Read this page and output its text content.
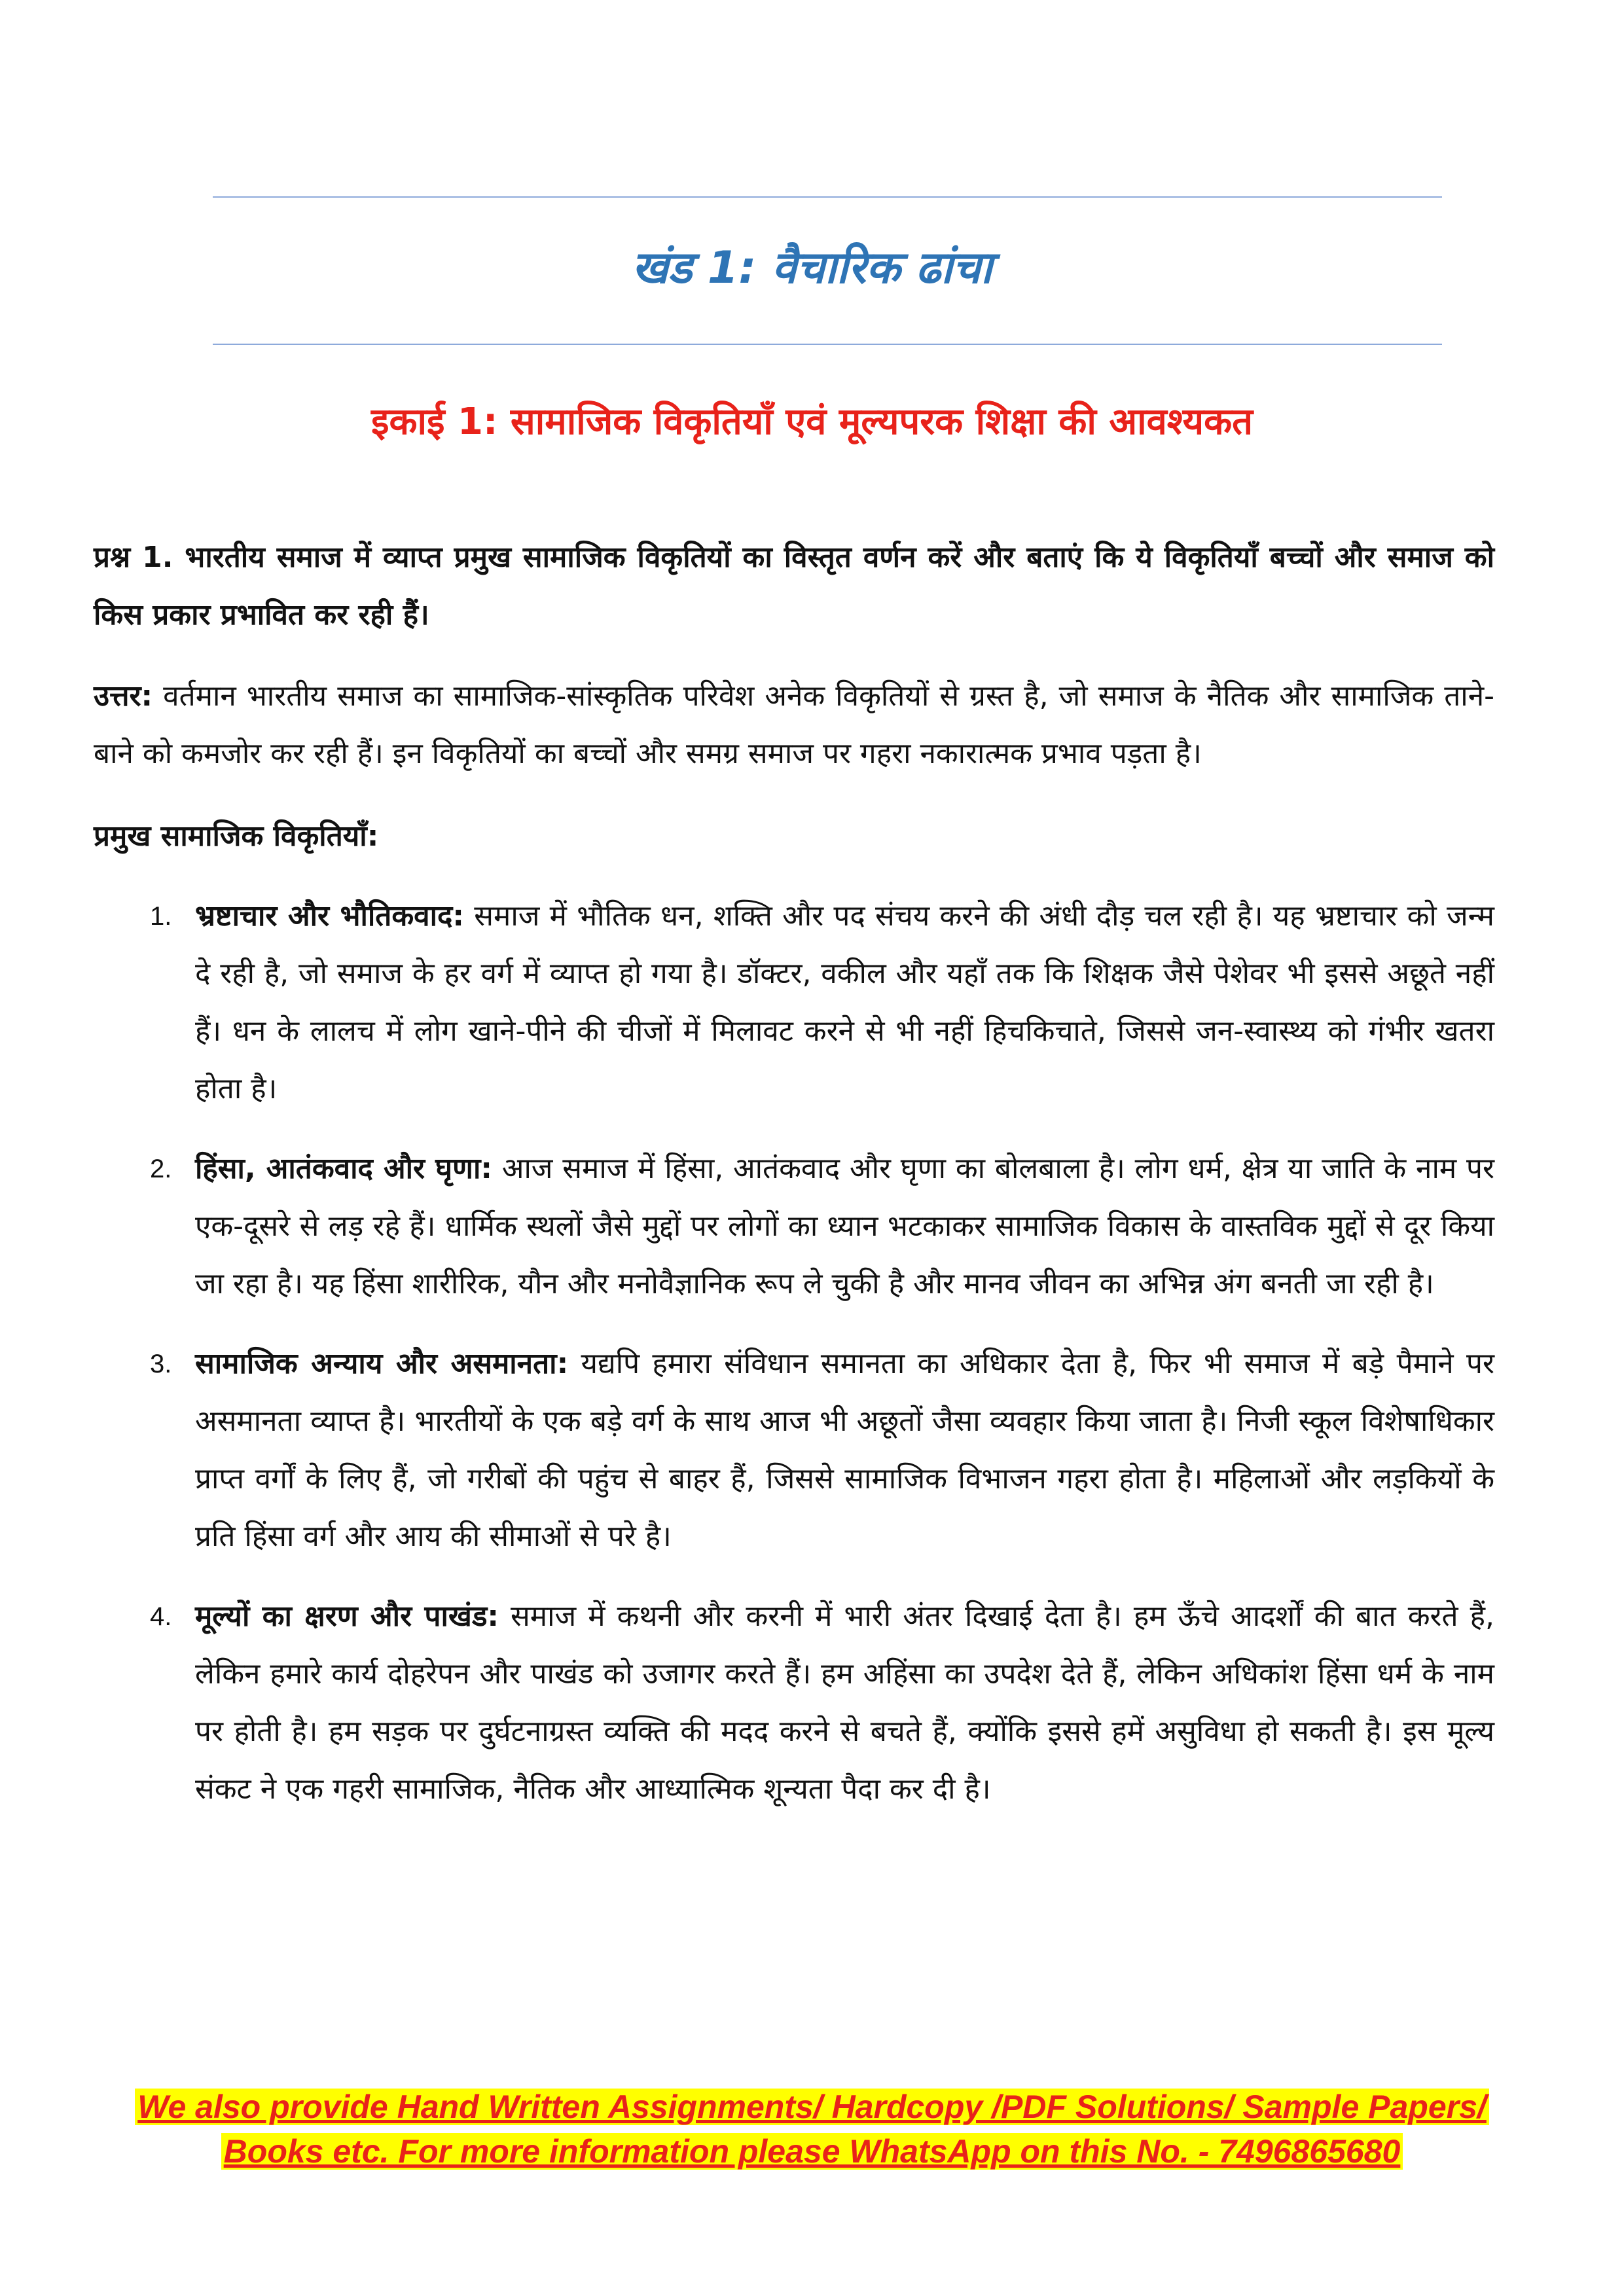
खंड 1: वैचारिक ढांचा
इकाई 1: सामाजिक विकृतियाँ एवं मूल्यपरक शिक्षा की आवश्यकत

प्रश्न 1. भारतीय समाज में व्याप्त प्रमुख सामाजिक विकृतियों का विस्तृत वर्णन करें और बताएं कि ये विकृतियाँ बच्चों और समाज को किस प्रकार प्रभावित कर रही हैं।

उत्तर: वर्तमान भारतीय समाज का सामाजिक-सांस्कृतिक परिवेश अनेक विकृतियों से ग्रस्त है, जो समाज के नैतिक और सामाजिक ताने-बाने को कमजोर कर रही हैं। इन विकृतियों का बच्चों और समग्र समाज पर गहरा नकारात्मक प्रभाव पड़ता है।

प्रमुख सामाजिक विकृतियाँ:

1. भ्रष्टाचार और भौतिकवाद: समाज में भौतिक धन, शक्ति और पद संचय करने की अंधी दौड़ चल रही है। यह भ्रष्टाचार को जन्म दे रही है, जो समाज के हर वर्ग में व्याप्त हो गया है। डॉक्टर, वकील और यहाँ तक कि शिक्षक जैसे पेशेवर भी इससे अछूते नहीं हैं। धन के लालच में लोग खाने-पीने की चीजों में मिलावट करने से भी नहीं हिचकिचाते, जिससे जन-स्वास्थ्य को गंभीर खतरा होता है।
2. हिंसा, आतंकवाद और घृणा: आज समाज में हिंसा, आतंकवाद और घृणा का बोलबाला है। लोग धर्म, क्षेत्र या जाति के नाम पर एक-दूसरे से लड़ रहे हैं। धार्मिक स्थलों जैसे मुद्दों पर लोगों का ध्यान भटकाकर सामाजिक विकास के वास्तविक मुद्दों से दूर किया जा रहा है। यह हिंसा शारीरिक, यौन और मनोवैज्ञानिक रूप ले चुकी है और मानव जीवन का अभिन्न अंग बनती जा रही है।
3. सामाजिक अन्याय और असमानता: यद्यपि हमारा संविधान समानता का अधिकार देता है, फिर भी समाज में बड़े पैमाने पर असमानता व्याप्त है। भारतीयों के एक बड़े वर्ग के साथ आज भी अछूतों जैसा व्यवहार किया जाता है। निजी स्कूल विशेषाधिकार प्राप्त वर्गों के लिए हैं, जो गरीबों की पहुंच से बाहर हैं, जिससे सामाजिक विभाजन गहरा होता है। महिलाओं और लड़कियों के प्रति हिंसा वर्ग और आय की सीमाओं से परे है।
4. मूल्यों का क्षरण और पाखंड: समाज में कथनी और करनी में भारी अंतर दिखाई देता है। हम ऊँचे आदर्शों की बात करते हैं, लेकिन हमारे कार्य दोहरेपन और पाखंड को उजागर करते हैं। हम अहिंसा का उपदेश देते हैं, लेकिन अधिकांश हिंसा धर्म के नाम पर होती है। हम सड़क पर दुर्घटनाग्रस्त व्यक्ति की मदद करने से बचते हैं, क्योंकि इससे हमें असुविधा हो सकती है। इस मूल्य संकट ने एक गहरी सामाजिक, नैतिक और आध्यात्मिक शून्यता पैदा कर दी है।
We also provide Hand Written Assignments/ Hardcopy /PDF Solutions/ Sample Papers/
Books etc. For more information please WhatsApp on this No. - 7496865680
